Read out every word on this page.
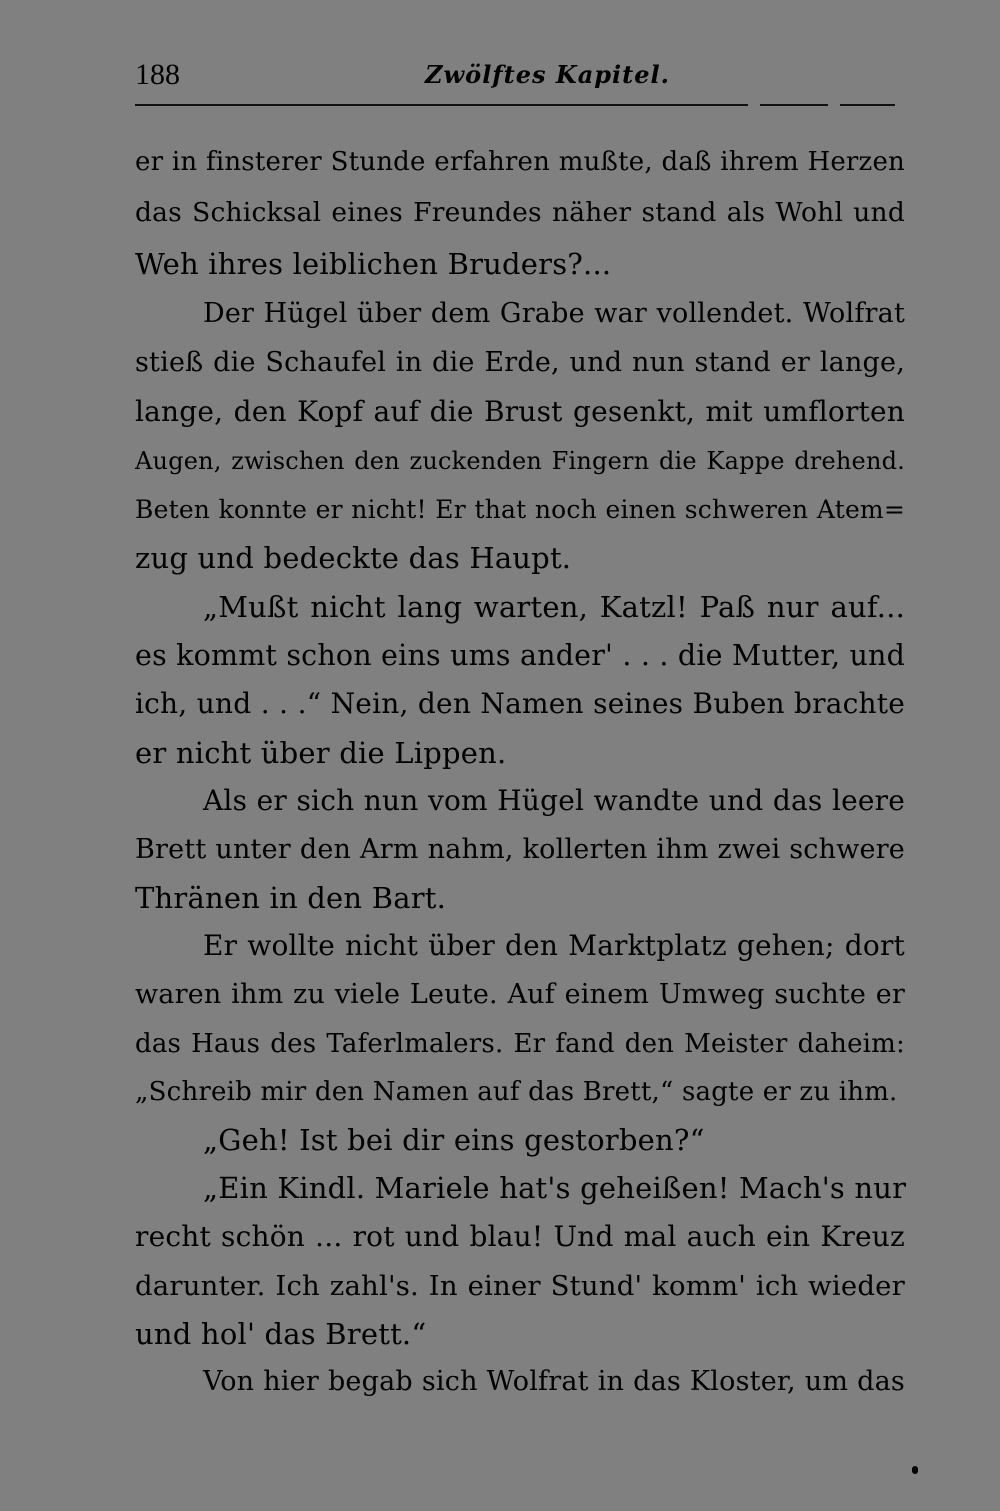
188	Zwölftes Kapitel.
er in finsterer Stunde erfahren mußte, daß ihrem Herzen
das Schicksal eines Freundes näher stand als Wohl und
Weh ihres leiblichen Bruders?...
Der Hügel über dem Grabe war vollendet. Wolfrat
stieß die Schaufel in die Erde, und nun stand er lange,
lange, den Kopf auf die Brust gesenkt, mit umflorten
Augen, zwischen den zuckenden Fingern die Kappe drehend.
Beten konnte er nicht! Er that noch einen schweren Atem=
zug und bedeckte das Haupt.
„Mußt nicht lang warten, Katzl! Paß nur auf...
es kommt schon eins ums ander' . . . die Mutter, und
ich, und . . .“ Nein, den Namen seines Buben brachte
er nicht über die Lippen.
Als er sich nun vom Hügel wandte und das leere
Brett unter den Arm nahm, kollerten ihm zwei schwere
Thränen in den Bart.
Er wollte nicht über den Marktplatz gehen; dort
waren ihm zu viele Leute. Auf einem Umweg suchte er
das Haus des Taferlmalers. Er fand den Meister daheim:
„Schreib mir den Namen auf das Brett,“ sagte er zu ihm.
„Geh! Ist bei dir eins gestorben?“
„Ein Kindl. Mariele hat's geheißen! Mach's nur
recht schön ... rot und blau! Und mal auch ein Kreuz
darunter. Ich zahl's. In einer Stund' komm' ich wieder
und hol' das Brett.“
Von hier begab sich Wolfrat in das Kloster, um das
